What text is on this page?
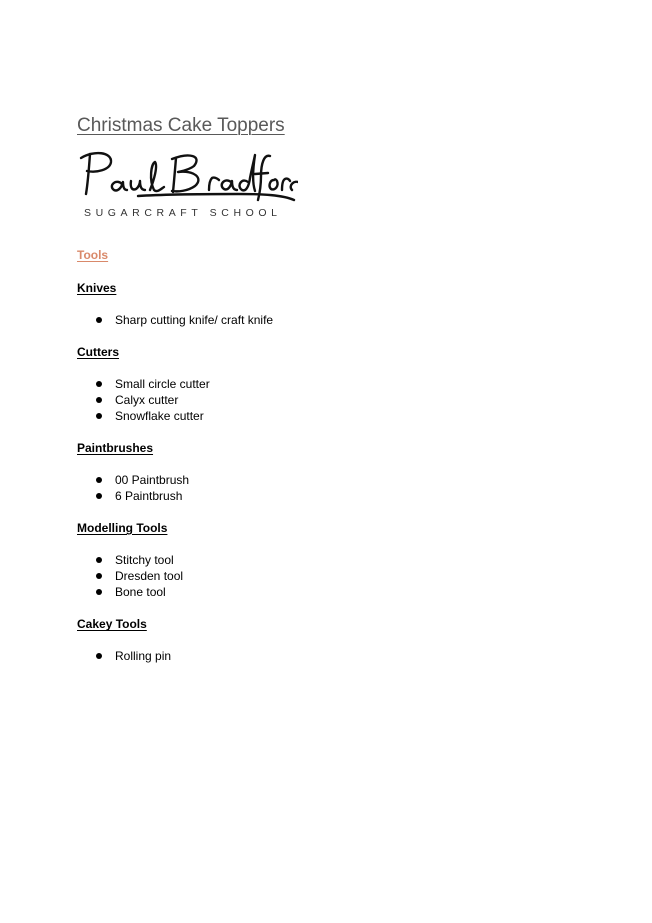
Christmas Cake Toppers
SUGARCRAFT SCHOOL
Tools
Knives
Sharp cutting knife/ craft knife
Cutters
Small circle cutter
Calyx cutter
Snowflake cutter
Paintbrushes
00 Paintbrush
6 Paintbrush
Modelling Tools
Stitchy tool
Dresden tool
Bone tool
Cakey Tools
Rolling pin
